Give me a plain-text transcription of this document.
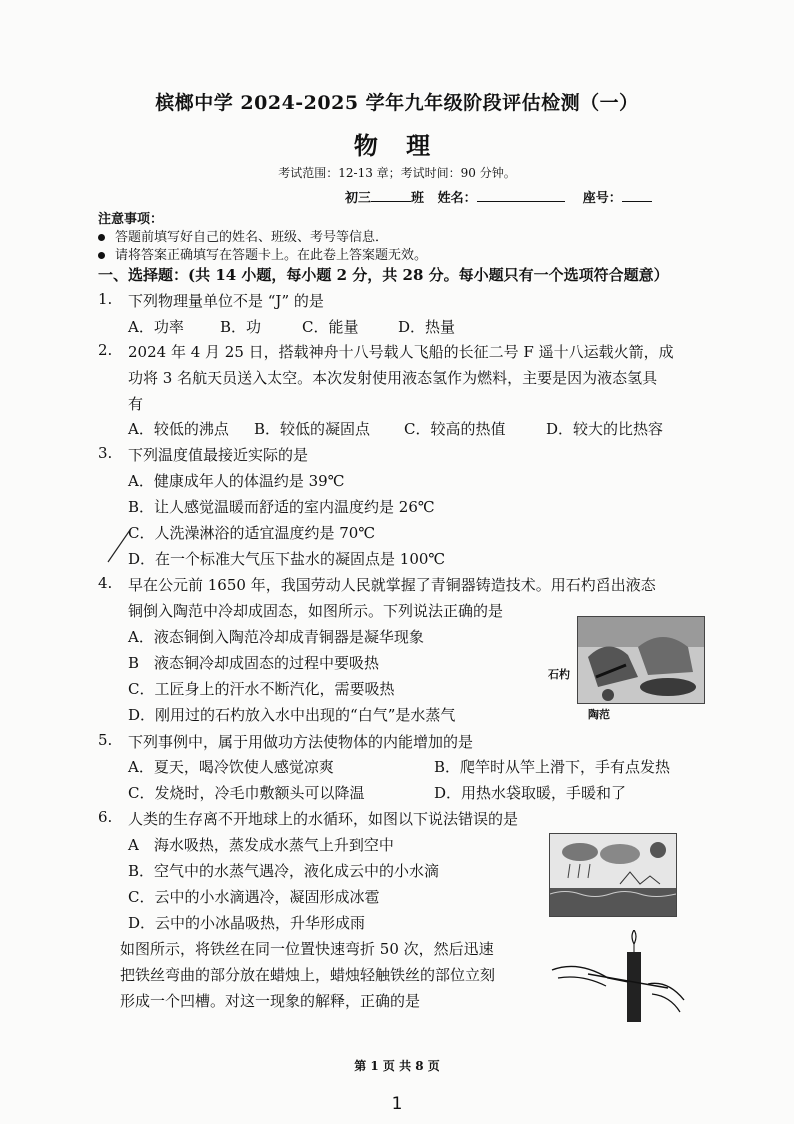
槟榔中学 2024-2025 学年九年级阶段评估检测（一）
物 理
考试范围：12-13 章；考试时间：90 分钟。
初三	班 姓名：	座号：
注意事项：
答题前填写好自己的姓名、班级、考号等信息．
请将答案正确填写在答题卡上。在此卷上答案题无效。
一、选择题：(共 14 小题，每小题 2 分，共 28 分。每小题只有一个选项符合题意）
1. 下列物理量单位不是 “J” 的是
A．功率 B．功	C．能量	D．热量
2. 2024 年 4 月 25 日，搭载神舟十八号载人飞船的长征二号 F 遥十八运载火箭，成
功将 3 名航天员送入太空。本次发射使用液态氢作为燃料，主要是因为液态氢具
有
A．较低的沸点 B．较低的凝固点 C．较高的热值	D．较大的比热容
3. 下列温度值最接近实际的是
A．健康成年人的体温约是 39℃
B．让人感觉温暖而舒适的室内温度约是 26℃
C．人洗澡淋浴的适宜温度约是 70℃
D．在一个标准大气压下盐水的凝固点是 100℃
4. 早在公元前 1650 年，我国劳动人民就掌握了青铜器铸造技术。用石杓舀出液态
铜倒入陶范中冷却成固态，如图所示。下列说法正确的是
A．液态铜倒入陶范冷却成青铜器是凝华现象
B　液态铜冷却成固态的过程中要吸热
C．工匠身上的汗水不断汽化，需要吸热
D．刚用过的石杓放入水中出现的“白气”是水蒸气
石杓
陶范
5. 下列事例中，属于用做功方法使物体的内能增加的是
A．夏天，喝冷饮使人感觉凉爽	B．爬竿时从竿上滑下，手有点发热
C．发烧时，冷毛巾敷额头可以降温	D．用热水袋取暖，手暖和了
6. 人类的生存离不开地球上的水循环，如图以下说法错误的是
A　海水吸热，蒸发成水蒸气上升到空中
B．空气中的水蒸气遇冷，液化成云中的小水滴
C．云中的小水滴遇冷，凝固形成冰雹
D．云中的小冰晶吸热，升华形成雨
如图所示，将铁丝在同一位置快速弯折 50 次，然后迅速
把铁丝弯曲的部分放在蜡烛上，蜡烛轻触铁丝的部位立刻
形成一个凹槽。对这一现象的解释，正确的是
第 1 页 共 8 页
1
